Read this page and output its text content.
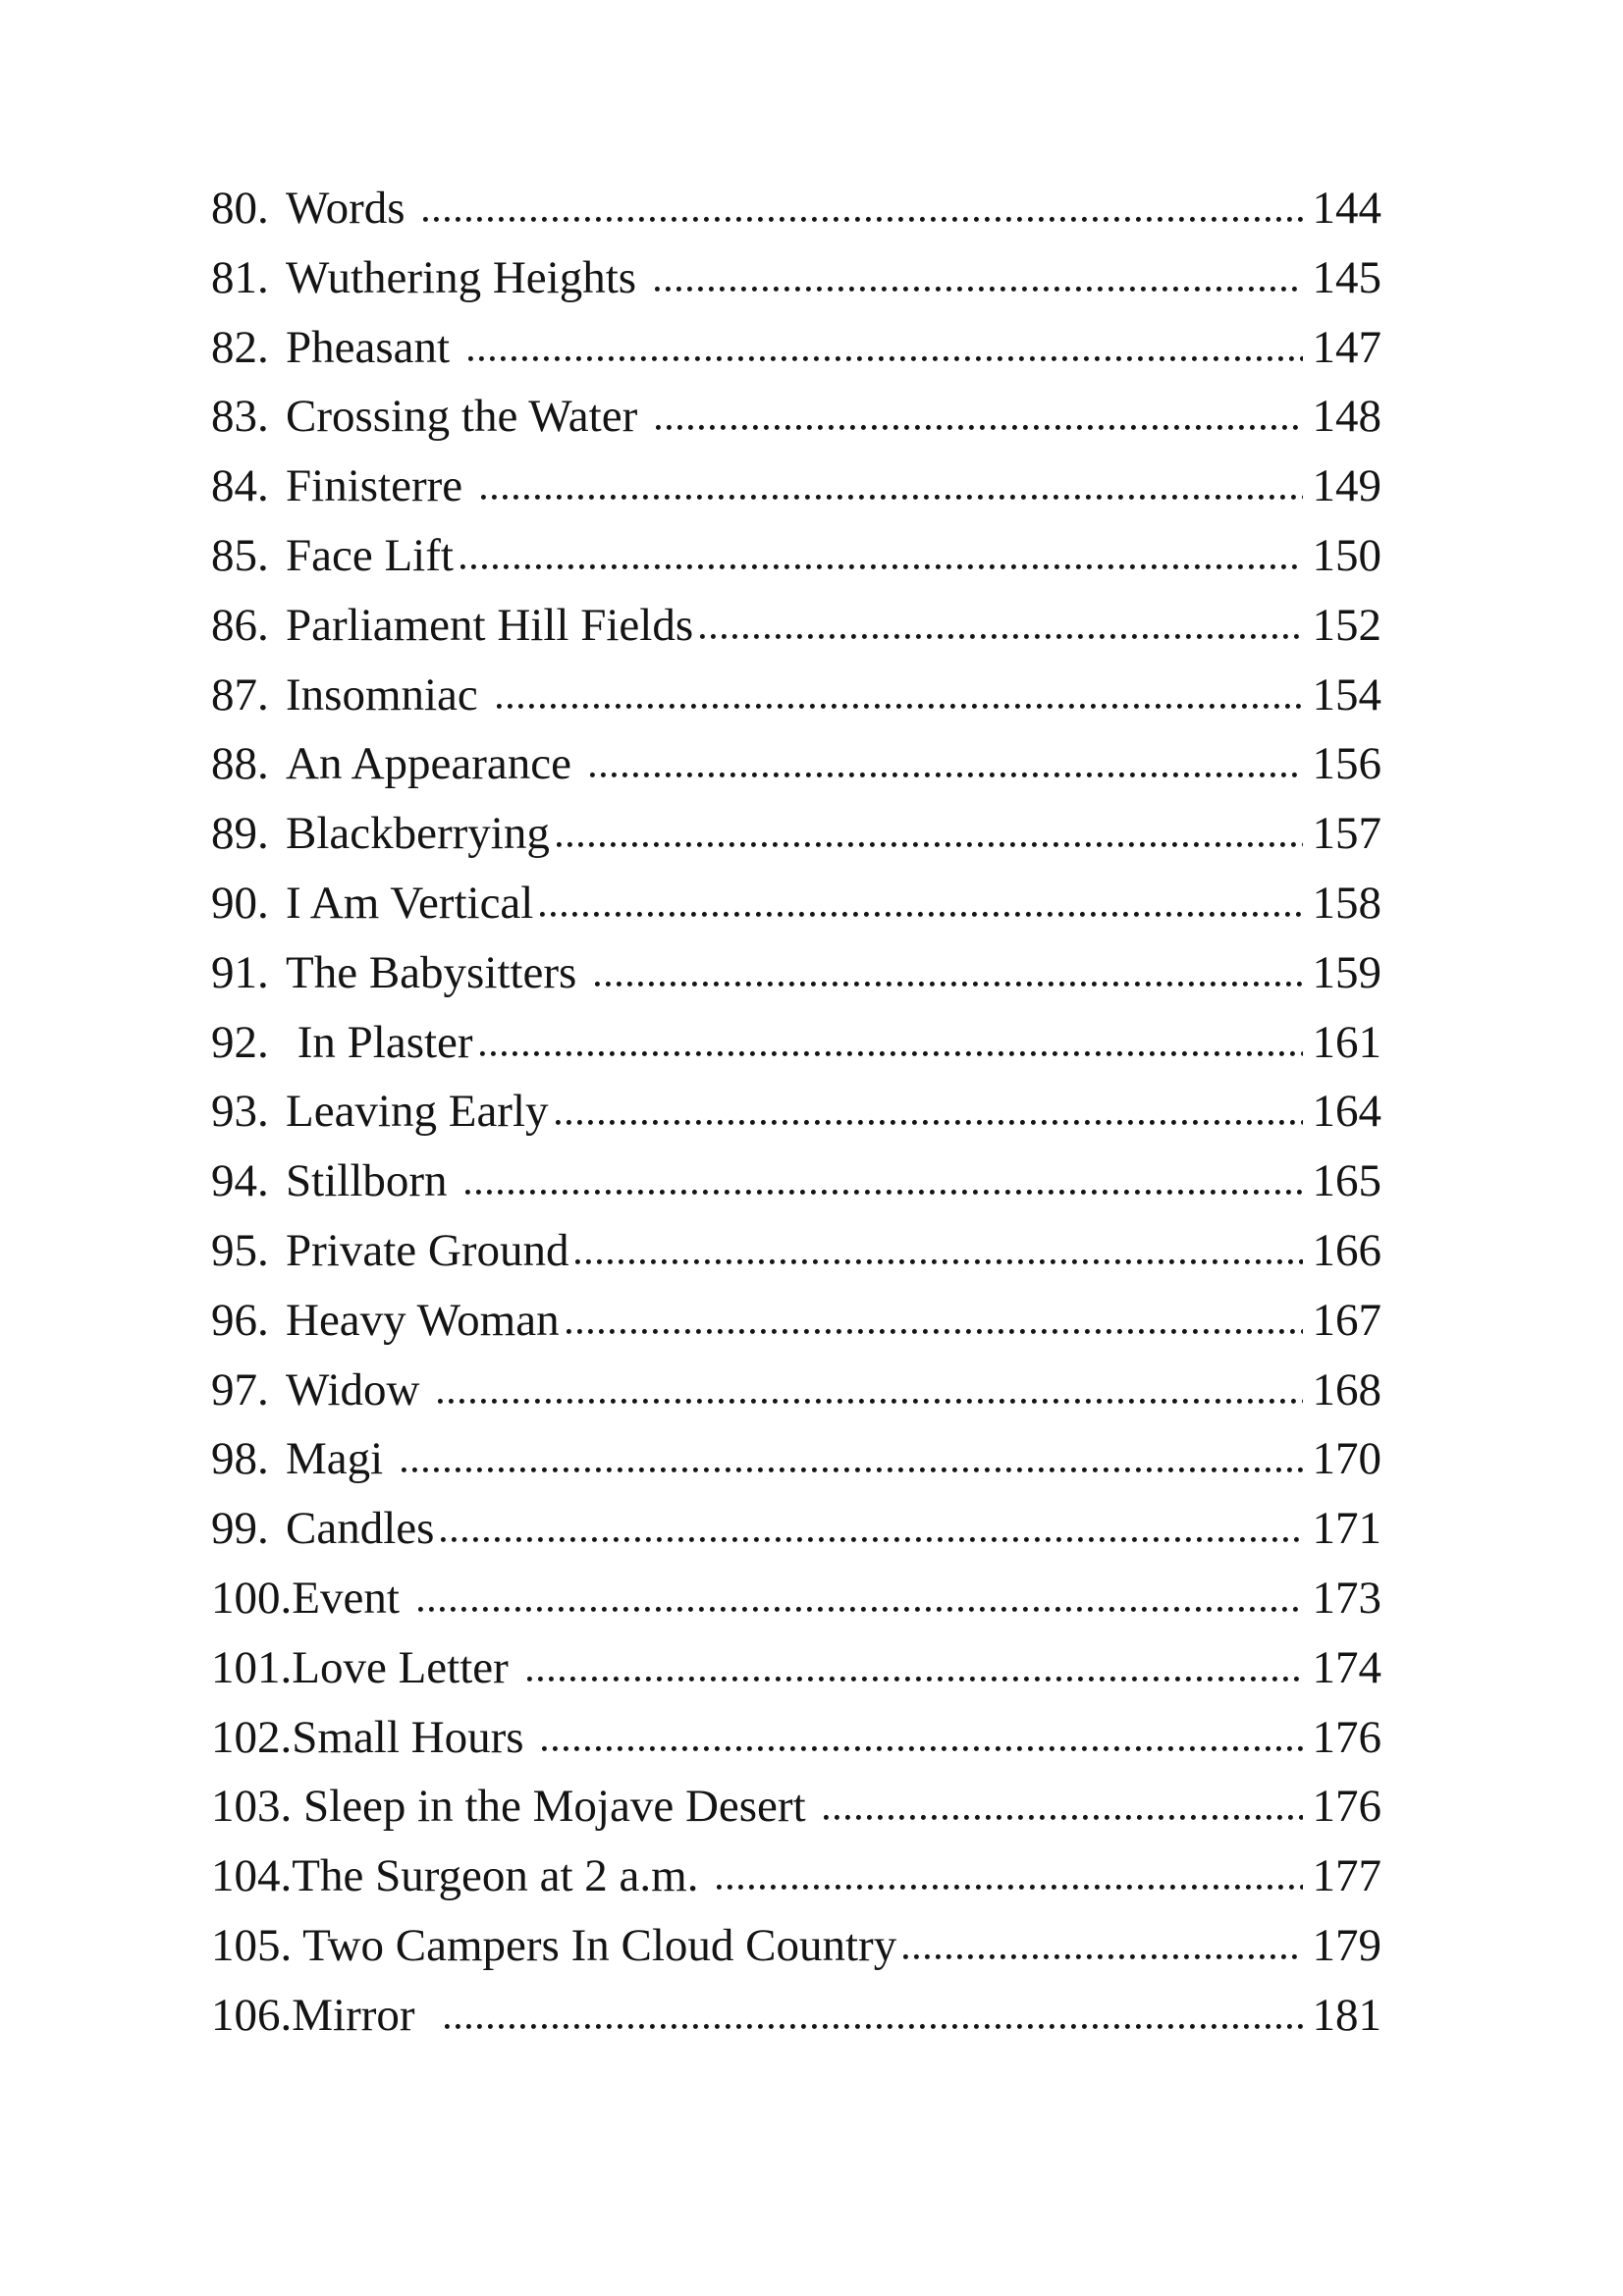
80. Words	144
81. Wuthering Heights	145
82. Pheasant	147
83. Crossing the Water	148
84. Finisterre	149
85. Face Lift	150
86. Parliament Hill Fields	152
87. Insomniac	154
88. An Appearance	156
89. Blackberrying	157
90. I Am Vertical	158
91. The Babysitters	159
92. In Plaster	161
93. Leaving Early	164
94. Stillborn	165
95. Private Ground	166
96. Heavy Woman	167
97. Widow	168
98. Magi	170
99. Candles	171
100. Event	173
101. Love Letter	174
102. Small Hours	176
103. Sleep in the Mojave Desert	176
104. The Surgeon at 2 a.m.	177
105. Two Campers In Cloud Country	179
106. Mirror	181
